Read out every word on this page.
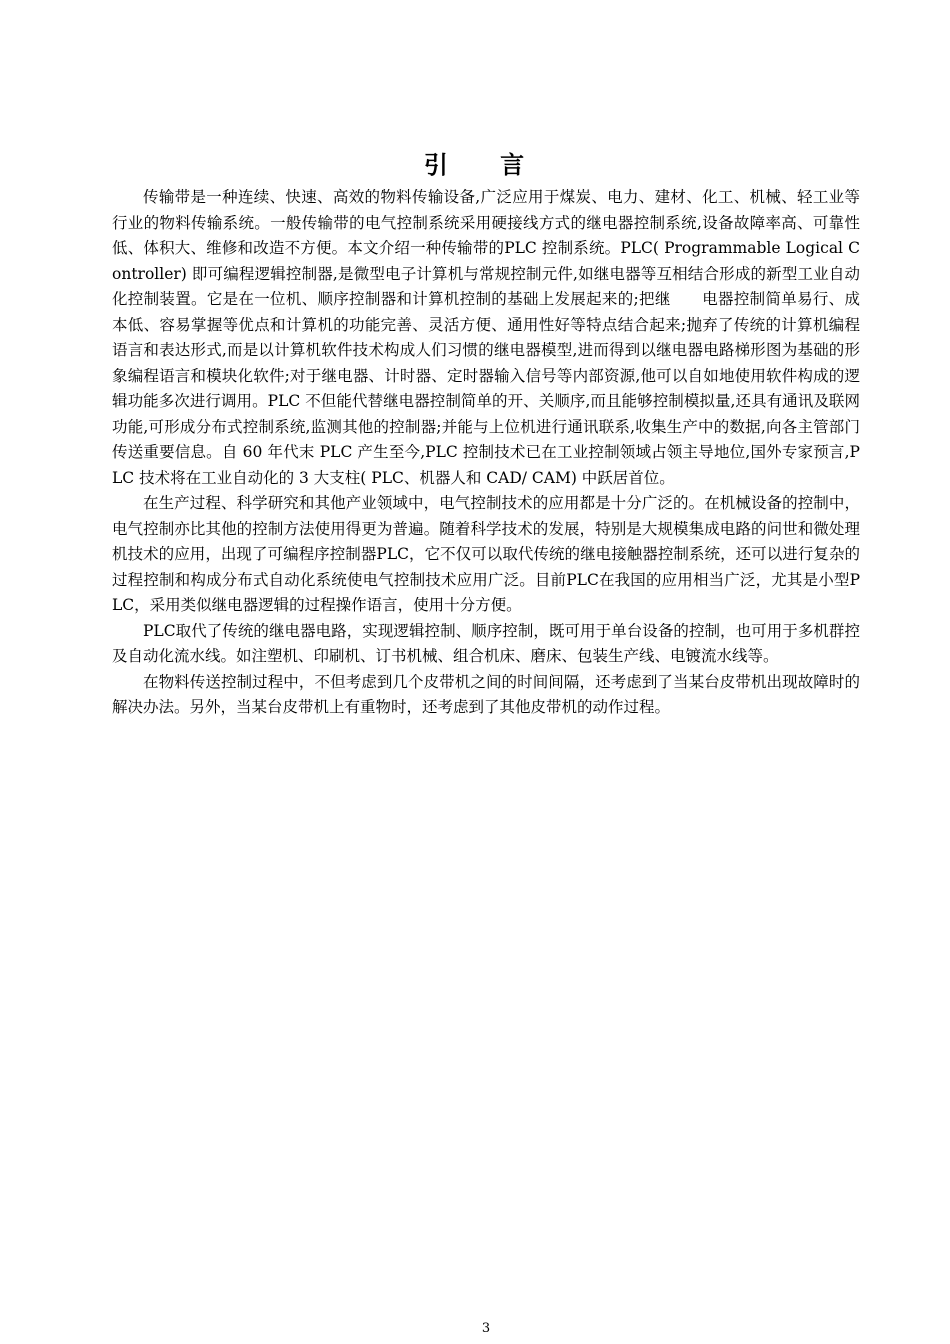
引 言

传输带是一种连续、快速、高效的物料传输设备,广泛应用于煤炭、电力、建材、化工、机械、轻工业等行业的物料传输系统。一般传输带的电气控制系统采用硬接线方式的继电器控制系统,设备故障率高、可靠性低、体积大、维修和改造不方便。本文介绍一种传输带的PLC 控制系统。PLC( Programmable Logical Controller) 即可编程逻辑控制器,是微型电子计算机与常规控制元件,如继电器等互相结合形成的新型工业自动化控制装置。它是在一位机、顺序控制器和计算机控制的基础上发展起来的;把继　　电器控制简单易行、成本低、容易掌握等优点和计算机的功能完善、灵活方便、通用性好等特点结合起来;抛弃了传统的计算机编程语言和表达形式,而是以计算机软件技术构成人们习惯的继电器模型,进而得到以继电器电路梯形图为基础的形象编程语言和模块化软件;对于继电器、计时器、定时器输入信号等内部资源,他可以自如地使用软件构成的逻辑功能多次进行调用。PLC 不但能代替继电器控制简单的开、关顺序,而且能够控制模拟量,还具有通讯及联网功能,可形成分布式控制系统,监测其他的控制器;并能与上位机进行通讯联系,收集生产中的数据,向各主管部门传送重要信息。自 60 年代末 PLC 产生至今,PLC 控制技术已在工业控制领域占领主导地位,国外专家预言,PLC 技术将在工业自动化的 3 大支柱( PLC、机器人和 CAD/ CAM) 中跃居首位。

在生产过程、科学研究和其他产业领域中，电气控制技术的应用都是十分广泛的。在机械设备的控制中，电气控制亦比其他的控制方法使用得更为普遍。随着科学技术的发展，特别是大规模集成电路的问世和微处理机技术的应用，出现了可编程序控制器PLC，它不仅可以取代传统的继电接触器控制系统，还可以进行复杂的过程控制和构成分布式自动化系统使电气控制技术应用广泛。目前PLC在我国的应用相当广泛，尤其是小型PLC，采用类似继电器逻辑的过程操作语言，使用十分方便。

PLC取代了传统的继电器电路，实现逻辑控制、顺序控制，既可用于单台设备的控制，也可用于多机群控及自动化流水线。如注塑机、印刷机、订书机械、组合机床、磨床、包装生产线、电镀流水线等。

在物料传送控制过程中，不但考虑到几个皮带机之间的时间间隔，还考虑到了当某台皮带机出现故障时的解决办法。另外，当某台皮带机上有重物时，还考虑到了其他皮带机的动作过程。

3
